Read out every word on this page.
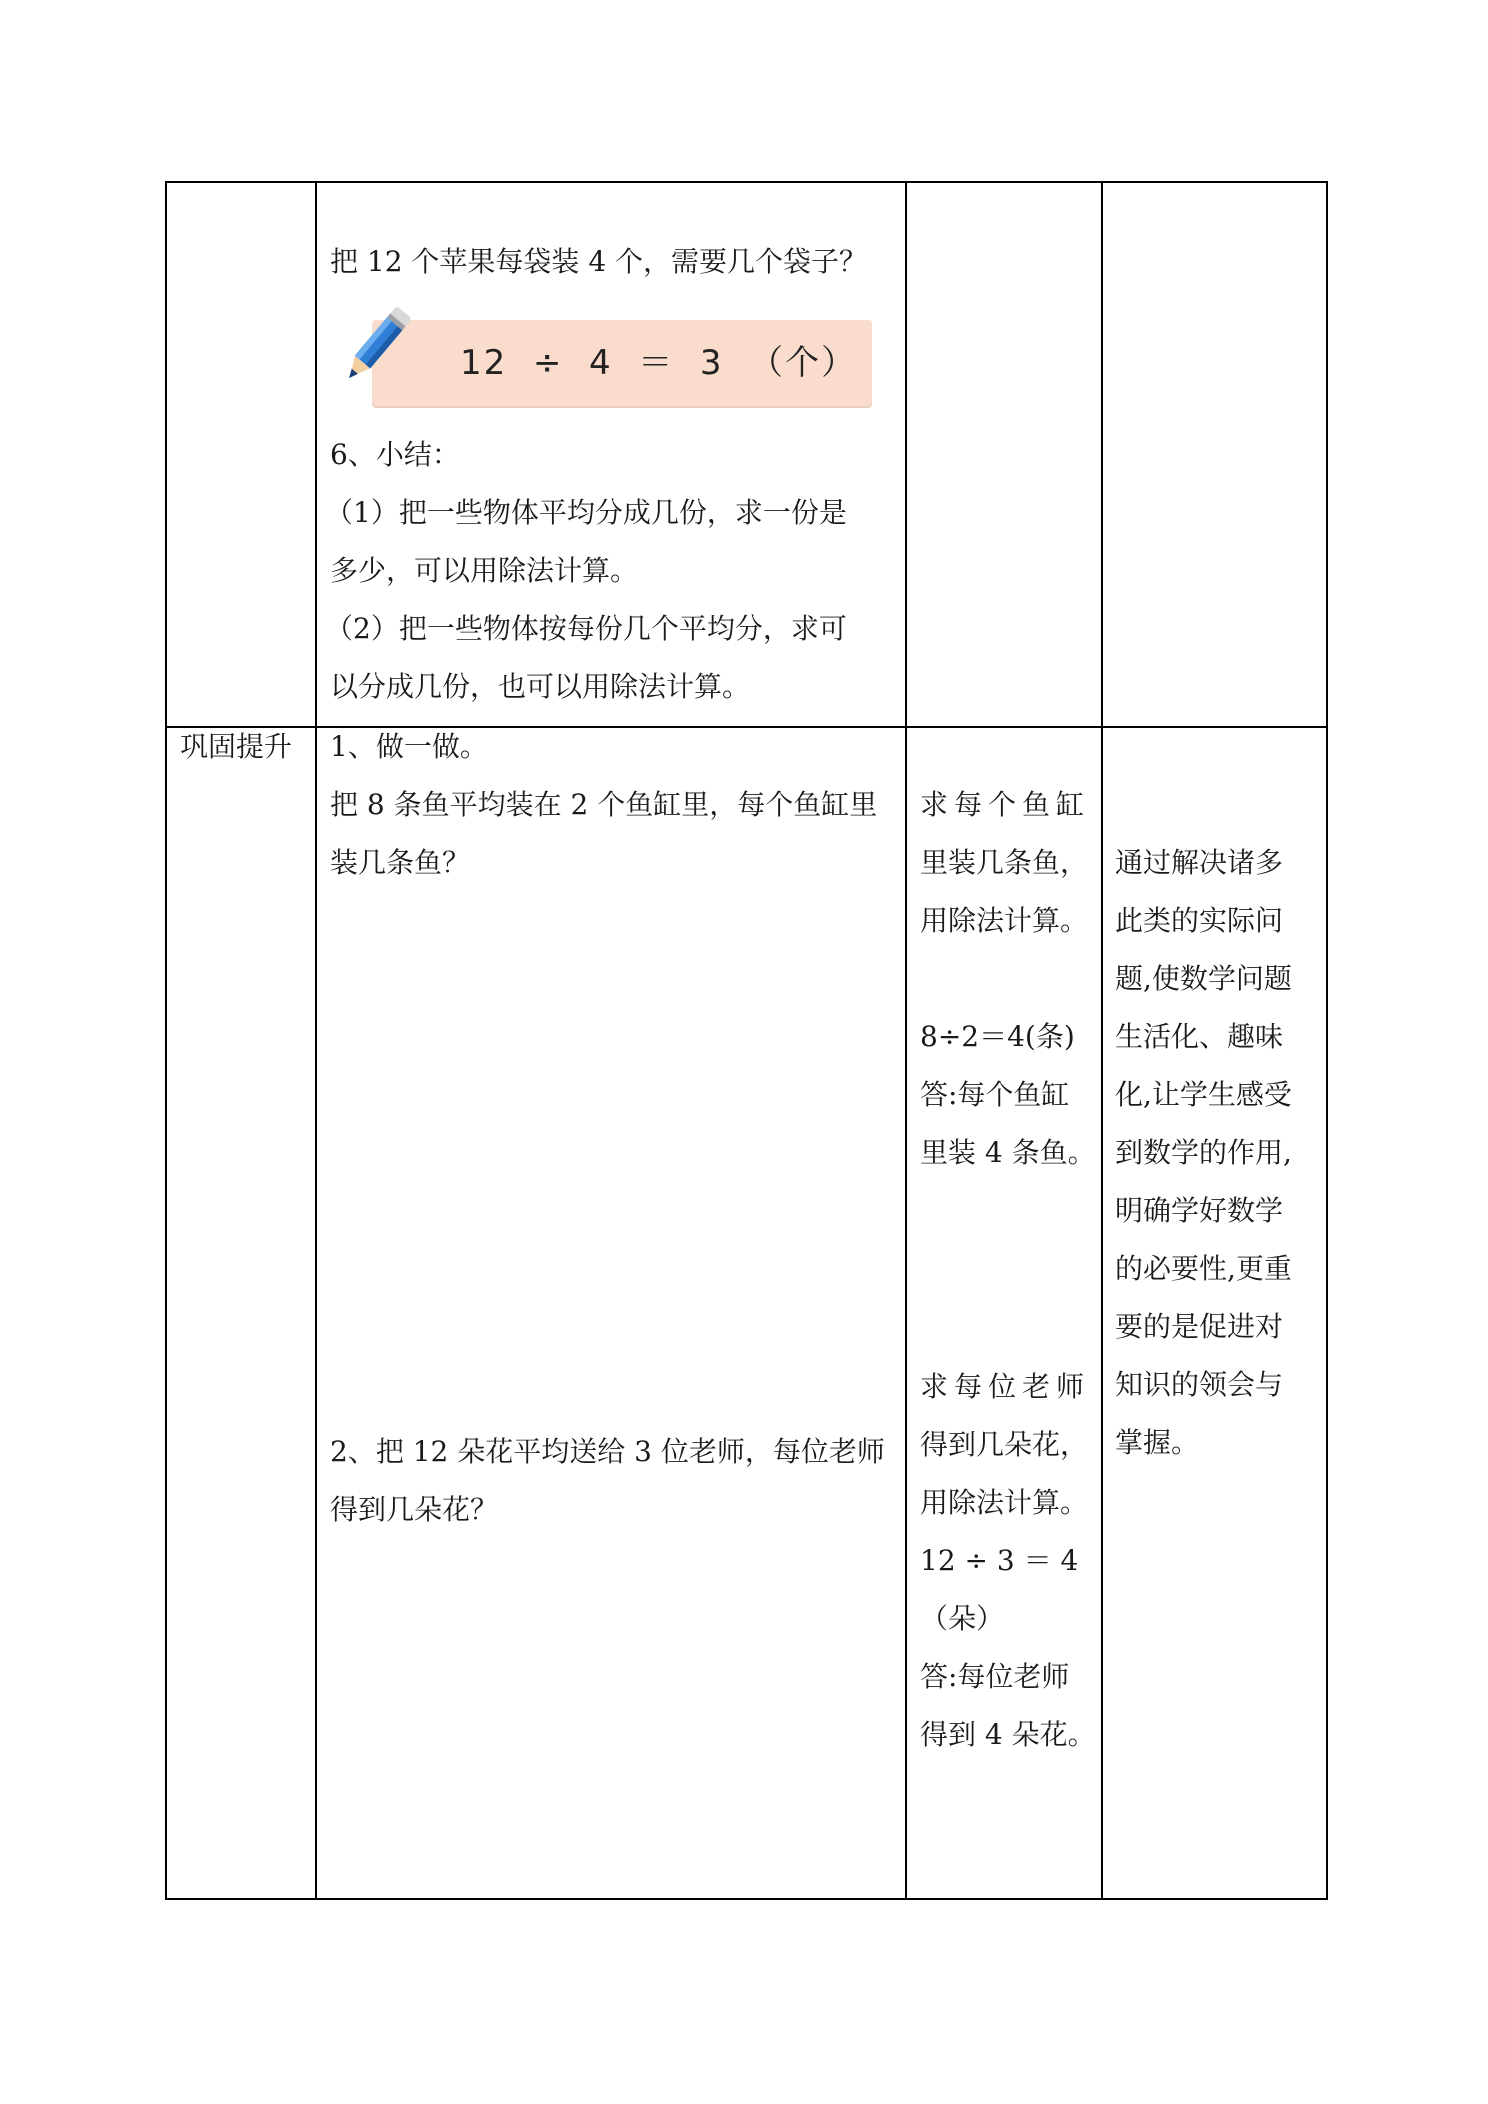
把 12 个苹果每袋装 4 个，需要几个袋子？
12  ÷  4  ＝  3  （个）
6、小结：
（1）把一些物体平均分成几份，求一份是
多少，可以用除法计算。
（2）把一些物体按每份几个平均分，求可
以分成几份，也可以用除法计算。
巩固提升 1、做一做。
把 8 条鱼平均装在 2 个鱼缸里，每个鱼缸里
装几条鱼？
2、把 12 朵花平均送给 3 位老师，每位老师
得到几朵花？
求每个鱼缸
里装几条鱼，
用除法计算。
8÷2＝4(条)
答:每个鱼缸
里装 4 条鱼。
求每位老师
得到几朵花，
用除法计算。
12 ÷ 3 ＝ 4
（朵）
答:每位老师
得到 4 朵花。
通过解决诸多
此类的实际问
题,使数学问题
生活化、趣味
化,让学生感受
到数学的作用,
明确学好数学
的必要性,更重
要的是促进对
知识的领会与
掌握。
